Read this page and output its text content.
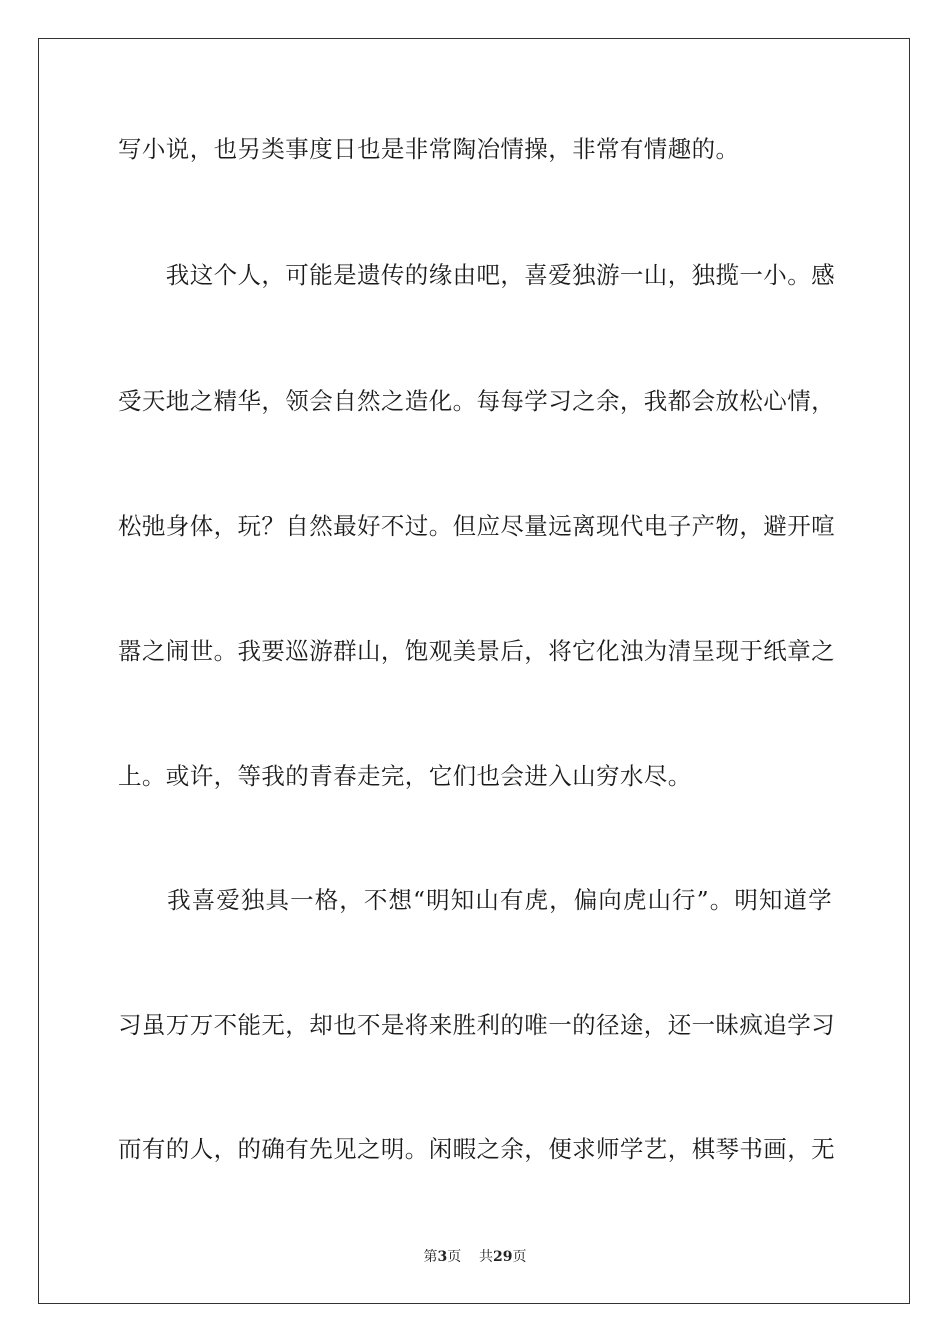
写小说，也另类事度日也是非常陶冶情操，非常有情趣的。
　　我这个人，可能是遗传的缘由吧，喜爱独游一山，独揽一小。感
受天地之精华，领会自然之造化。每每学习之余，我都会放松心情，
松弛身体，玩？自然最好不过。但应尽量远离现代电子产物，避开喧
嚣之闹世。我要巡游群山，饱观美景后，将它化浊为清呈现于纸章之
上。或许，等我的青春走完，它们也会进入山穷水尽。
　　我喜爱独具一格，不想“明知山有虎，偏向虎山行”。明知道学
习虽万万不能无，却也不是将来胜利的唯一的径途，还一昧疯追学习
而有的人，的确有先见之明。闲暇之余，便求师学艺，棋琴书画，无
第3页 共29页
